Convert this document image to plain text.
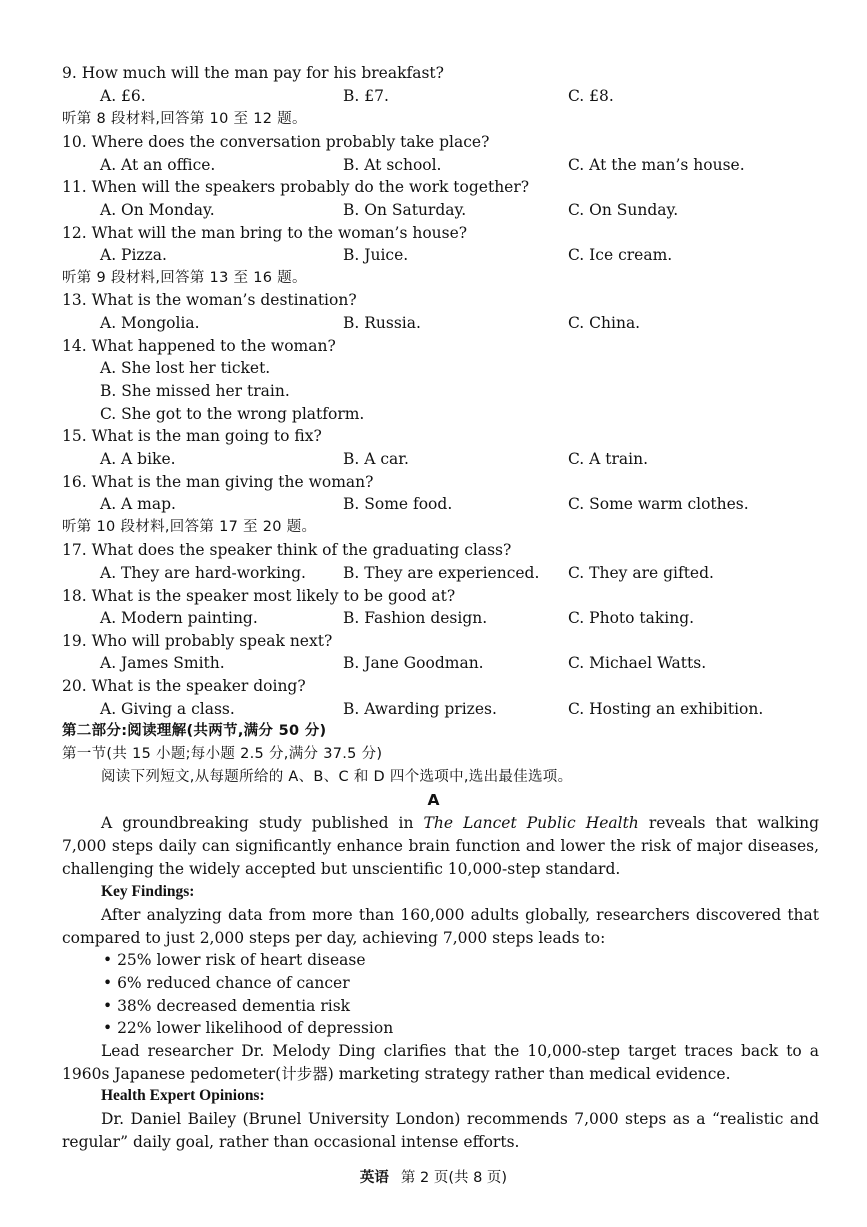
9. How much will the man pay for his breakfast?
A. £6.	B. £7.	C. £8.
听第 8 段材料,回答第 10 至 12 题。
10. Where does the conversation probably take place?
A. At an office.	B. At school.	C. At the man’s house.
11. When will the speakers probably do the work together?
A. On Monday.	B. On Saturday.	C. On Sunday.
12. What will the man bring to the woman’s house?
A. Pizza.	B. Juice.	C. Ice cream.
听第 9 段材料,回答第 13 至 16 题。
13. What is the woman’s destination?
A. Mongolia.	B. Russia.	C. China.
14. What happened to the woman?
A. She lost her ticket.
B. She missed her train.
C. She got to the wrong platform.
15. What is the man going to fix?
A. A bike.	B. A car.	C. A train.
16. What is the man giving the woman?
A. A map.	B. Some food.	C. Some warm clothes.
听第 10 段材料,回答第 17 至 20 题。
17. What does the speaker think of the graduating class?
A. They are hard-working. B. They are experienced. C. They are gifted.
18. What is the speaker most likely to be good at?
A. Modern painting.	B. Fashion design.	C. Photo taking.
19. Who will probably speak next?
A. James Smith.	B. Jane Goodman.	C. Michael Watts.
20. What is the speaker doing?
A. Giving a class.	B. Awarding prizes.	C. Hosting an exhibition.
第二部分:阅读理解(共两节,满分 50 分)
第一节(共 15 小题;每小题 2.5 分,满分 37.5 分)
阅读下列短文,从每题所给的 A、B、C 和 D 四个选项中,选出最佳选项。
A
A groundbreaking study published in The Lancet Public Health reveals that walking
7,000 steps daily can significantly enhance brain function and lower the risk of major diseases,
challenging the widely accepted but unscientific 10,000-step standard.
Key Findings:
After analyzing data from more than 160,000 adults globally, researchers discovered that
compared to just 2,000 steps per day, achieving 7,000 steps leads to:
• 25% lower risk of heart disease
• 6% reduced chance of cancer
• 38% decreased dementia risk
• 22% lower likelihood of depression
Lead researcher Dr. Melody Ding clarifies that the 10,000-step target traces back to a
1960s Japanese pedometer(计步器) marketing strategy rather than medical evidence.
Health Expert Opinions:
Dr. Daniel Bailey (Brunel University London) recommends 7,000 steps as a “realistic and
regular” daily goal, rather than occasional intense efforts.
英语 第 2 页(共 8 页)
